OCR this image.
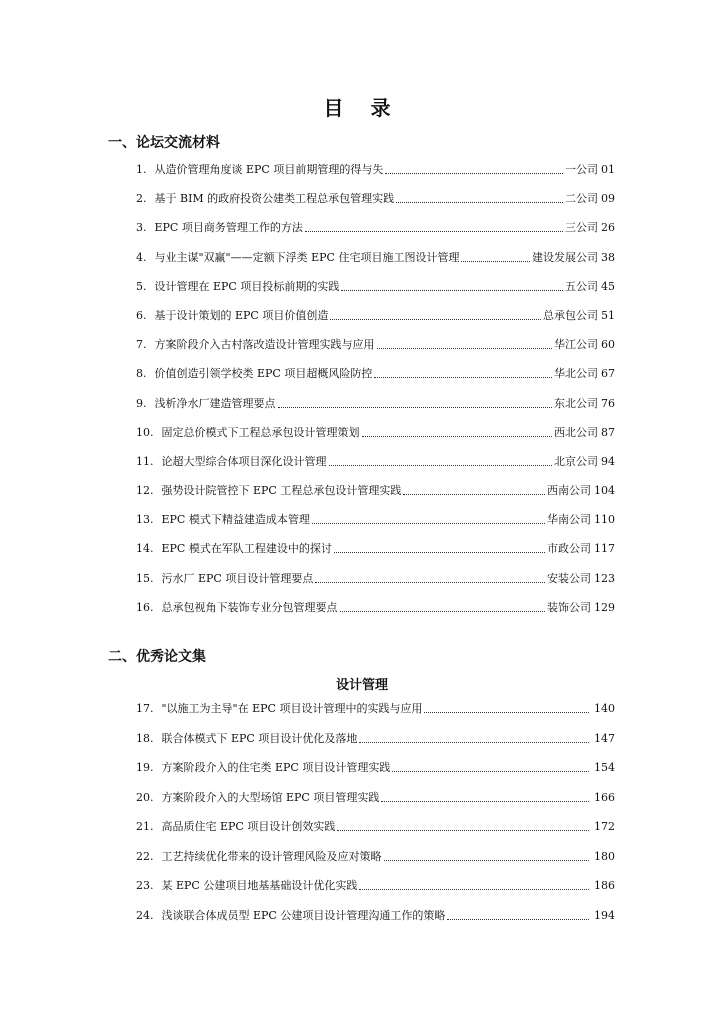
目 录
一、论坛交流材料
1. 从造价管理角度谈 EPC 项目前期管理的得与失	一公司 01
2. 基于 BIM 的政府投资公建类工程总承包管理实践	二公司 09
3. EPC 项目商务管理工作的方法	三公司 26
4. 与业主谋"双赢"——定额下浮类 EPC 住宅项目施工图设计管理	建设发展公司 38
5. 设计管理在 EPC 项目投标前期的实践	五公司 45
6. 基于设计策划的 EPC 项目价值创造	总承包公司 51
7. 方案阶段介入古村落改造设计管理实践与应用	华江公司 60
8. 价值创造引领学校类 EPC 项目超概风险防控	华北公司 67
9. 浅析净水厂建造管理要点	东北公司 76
10. 固定总价模式下工程总承包设计管理策划	西北公司 87
11. 论超大型综合体项目深化设计管理	北京公司 94
12. 强势设计院管控下 EPC 工程总承包设计管理实践	西南公司 104
13. EPC 模式下精益建造成本管理	华南公司 110
14. EPC 模式在军队工程建设中的探讨	市政公司 117
15. 污水厂 EPC 项目设计管理要点	安装公司 123
16. 总承包视角下装饰专业分包管理要点	装饰公司 129
二、优秀论文集
设计管理
17. "以施工为主导"在 EPC 项目设计管理中的实践与应用	140
18. 联合体模式下 EPC 项目设计优化及落地	147
19. 方案阶段介入的住宅类 EPC 项目设计管理实践	154
20. 方案阶段介入的大型场馆 EPC 项目管理实践	166
21. 高品质住宅 EPC 项目设计创效实践	172
22. 工艺持续优化带来的设计管理风险及应对策略	180
23. 某 EPC 公建项目地基基础设计优化实践	186
24. 浅谈联合体成员型 EPC 公建项目设计管理沟通工作的策略	194
